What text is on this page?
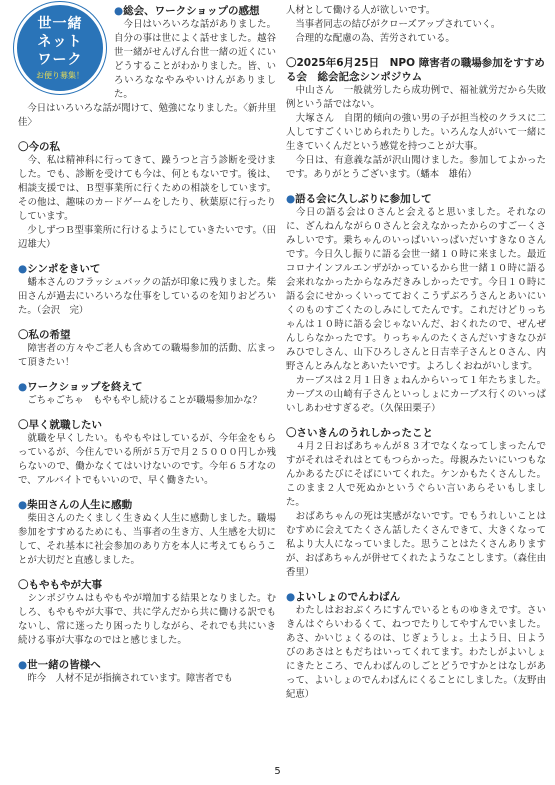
世一緒
ネット
ワーク
お便り募集！

●総会、ワークショップの感想

　今日はいろいろな話がありました。自分の事は世によく話せました。越谷世一緒がせんげん台世一緒の近くにいどうすることがわかりました。皆、いろいろななやみやいけんがありました。

　今日はいろいろな話が聞けて、勉強になりました。〈新井里佳〉

〇今の私

　今、私は精神科に行ってきて、躁うつと言う診断を受けました。でも、診断を受けても今は、何ともないです。後は、相談支援では、Ｂ型事業所に行くための相談をしています。その他は、趣味のカードゲームをしたり、秋葉原に行ったりしています。

　少しずつＢ型事業所に行けるようにしていきたいです。（田辺雄大）

●シンポをきいて

　蟠本さんのフラッシュバックの話が印象に残りました。柴田さんが過去にいろいろな仕事をしているのを知りおどろいた。（会沢　完）

〇私の希望

　障害者の方々やご老人も含めての職場参加的活動、広まって頂きたい！

●ワークショップを終えて

　ごちゃごちゃ　もやもやし続けることが職場参加かな？

〇早く就職したい

　就職を早くしたい。もやもやはしているが、今年金をもらっているが、今住んでいる所が５万で月２５０００円しか残らないので、働かなくてはいけないのです。今年６５才なので、アルバイトでもいいので、早く働きたい。

●柴田さんの人生に感動

　柴田さんのたくましく生きぬく人生に感動しました。職場参加をすすめるためにも、当事者の生き方、人生感を大切にして、それ基本に社会参加のあり方を本人に考えてもらうことが大切だと直感しました。

〇もやもやが大事

　シンポジウムはもやもやが増加する結果となりました。むしろ、もやもやが大事で、共に学んだから共に働ける訳でもないし、常に迷ったり困ったりしながら、それでも共にいき続ける事が大事なのではと感じました。

●世一緒の皆様へ

　昨今　人材不足が指摘されています。障害者でも

人材として働ける人が欲しいです。

　当事者同志の結びがクローズアップされていく。

　合理的な配慮の為、苦労されている。

〇2025年6月25日　NPO 障害者の職場参加をすすめる会　総会記念シンポジウム

　中山さん　一般就労したら成功例で、福祉就労だから失敗例という話ではない。

　大塚さん　自閉的傾向の強い男の子が担当校のクラスに二人してすごくいじめられたりした。いろんな人がいて一緒に生きていくんだという感覚を持つことが大事。

　今日は、有意義な話が沢山聞けました。参加してよかったです。ありがとうございます。（蟠本　雄佑）

●語る会に久しぶりに参加して

　今日の語る会は０さんと会えると思いました。それなのに、ざんねんながら０さんと会えなかったからのすごーくさみしいです。乗ちゃんのいっぱいいっぱいだいすきな０さんです。今日久し振りに語る会世一緒１０時に来ました。最近コロナインフルエンザがかっているから世一緒１０時に語る会来れなかったからなみだきみしかったです。今日１０時に語る会にせかっくいってておくこうずぶろうさんとあいにいくのものすごくたのしみにしてたんです。これだけどりっちゃんは１０時に語る会じゃないんだ、おくれたので、ぜんぜんしらなかったです。りっちゃんのたくさんだいすきなひがみひでしさん、山下ひろしさんと日吉幸子さんと０さん、内野さんとみんなとあいたいです。よろしくおねがいします。

　カーブスは２月１日きょねんからいって１年たちました。カーブスの山崎有子さんといっしょにカーブス行くのいっぱいしあわせすぎるぞ。（久保田栗子）

〇さいきんのうれしかったこと

　４月２日おばあちゃんが８３才でなくなってしまったんですがそれはそれはとてもつらかった。母親みたいにいつもなんかあるたびにそばにいてくれた。ケンかもたくさんした。このまま２人で死ぬかというぐらい言いあらそいもしました。

　おばあちゃんの死は実感がないです。でもうれしいことはむすめに会えてたくさん話したくさんできて、大きくなって私より大人になっていました。思うことはたくさんありますが、おばあちゃんが併せてくれたようなことします。（森住由香里）

●よいしょのでんわばん

　わたしはおおぶくろにすんでいるとものゆきえです。さいきんはぐらいわるくて、ねつでたりしてやすんでいました。あさ、かいじょくるのは、じぎょうしょ。土よう日、日ようびのあさはともだちはいってくれてます。わたしがよいしょにきたところ、でんわばんのしごとどうですかとはなしがあって、よいしょのでんわばんにくることにしました。（友野由紀恵）

5
